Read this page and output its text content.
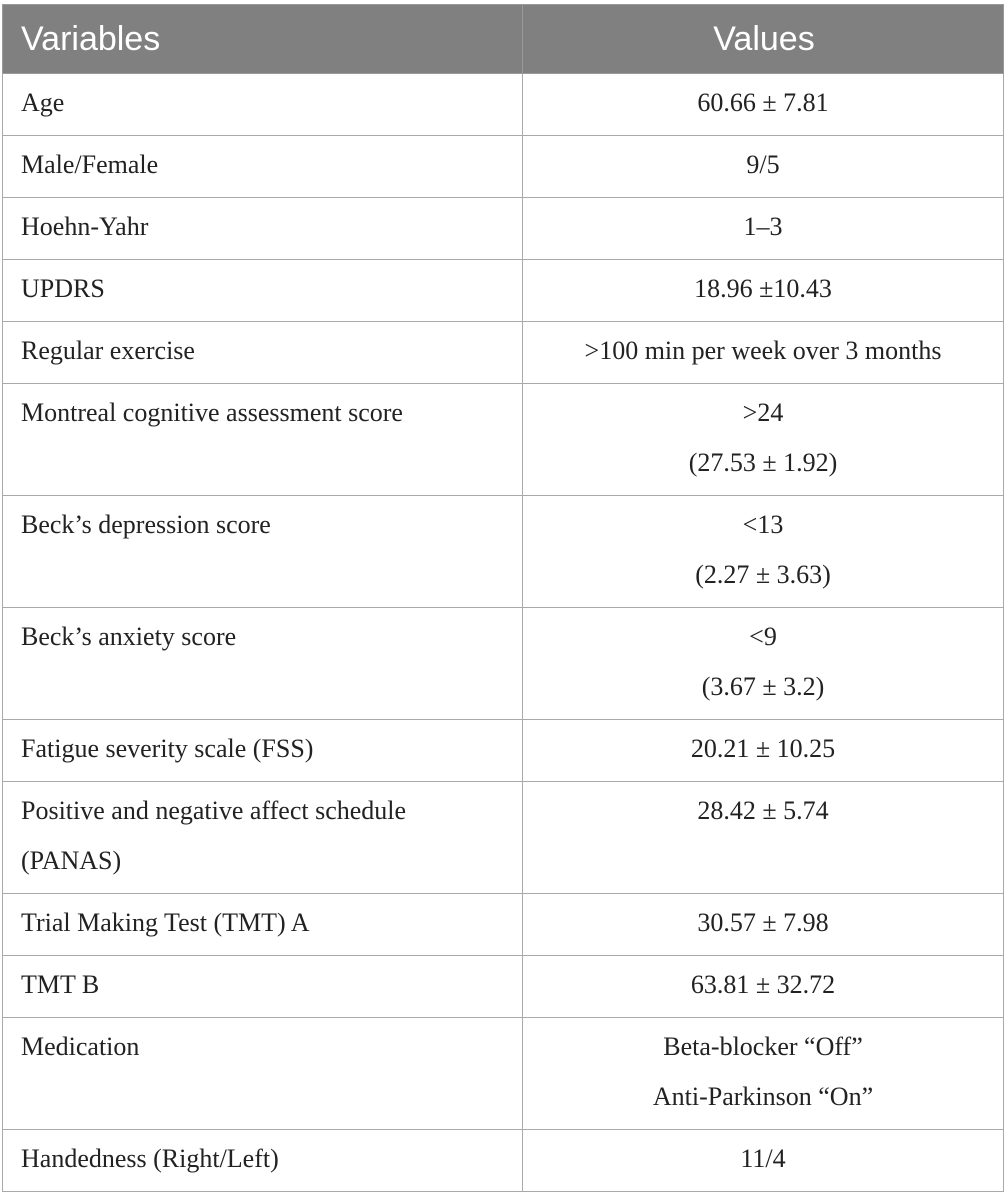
Variables	Values

Age	60.66 ± 7.81

Male/Female	9/5

Hoehn-Yahr	1–3

UPDRS	18.96 ±10.43

Regular exercise	>100 min per week over 3 months

Montreal cognitive assessment score	>24
(27.53 ± 1.92)

Beck’s depression score	<13
(2.27 ± 3.63)

Beck’s anxiety score	<9
(3.67 ± 3.2)

Fatigue severity scale (FSS)	20.21 ± 10.25

Positive and negative affect schedule
(PANAS)	28.42 ± 5.74

Trial Making Test (TMT) A	30.57 ± 7.98

TMT B	63.81 ± 32.72

Medication	Beta-blocker “Off”
Anti-Parkinson “On”

Handedness (Right/Left)	11/4
